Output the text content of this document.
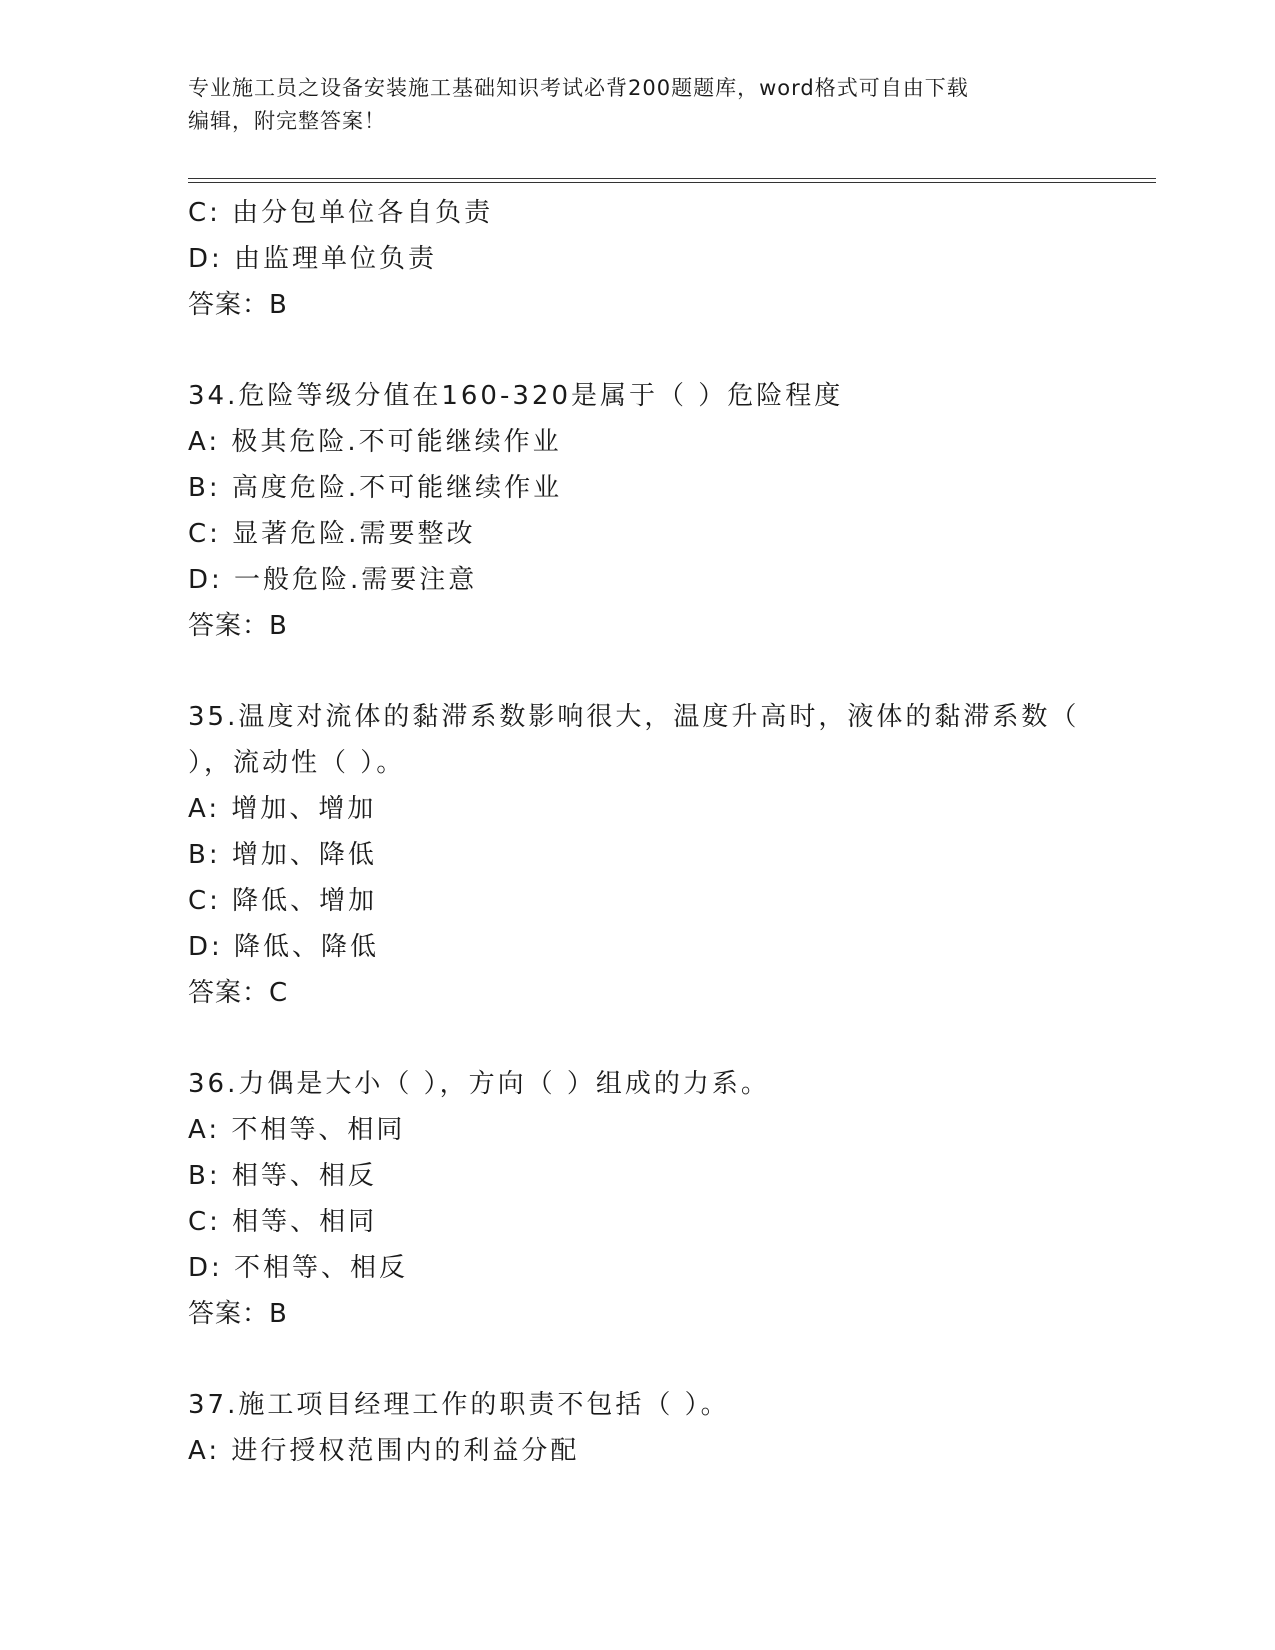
专业施工员之设备安装施工基础知识考试必背200题题库，word格式可自由下载
编辑，附完整答案！
C: 由分包单位各自负责
D: 由监理单位负责
答案：B
34.危险等级分值在160-320是属于（ ）危险程度
A: 极其危险.不可能继续作业
B: 高度危险.不可能继续作业
C: 显著危险.需要整改
D: 一般危险.需要注意
答案：B
35.温度对流体的黏滞系数影响很大，温度升高时，液体的黏滞系数（
），流动性（ ）。
A: 增加、增加
B: 增加、降低
C: 降低、增加
D: 降低、降低
答案：C
36.力偶是大小（ ），方向（ ）组成的力系。
A: 不相等、相同
B: 相等、相反
C: 相等、相同
D: 不相等、相反
答案：B
37.施工项目经理工作的职责不包括（ ）。
A: 进行授权范围内的利益分配
